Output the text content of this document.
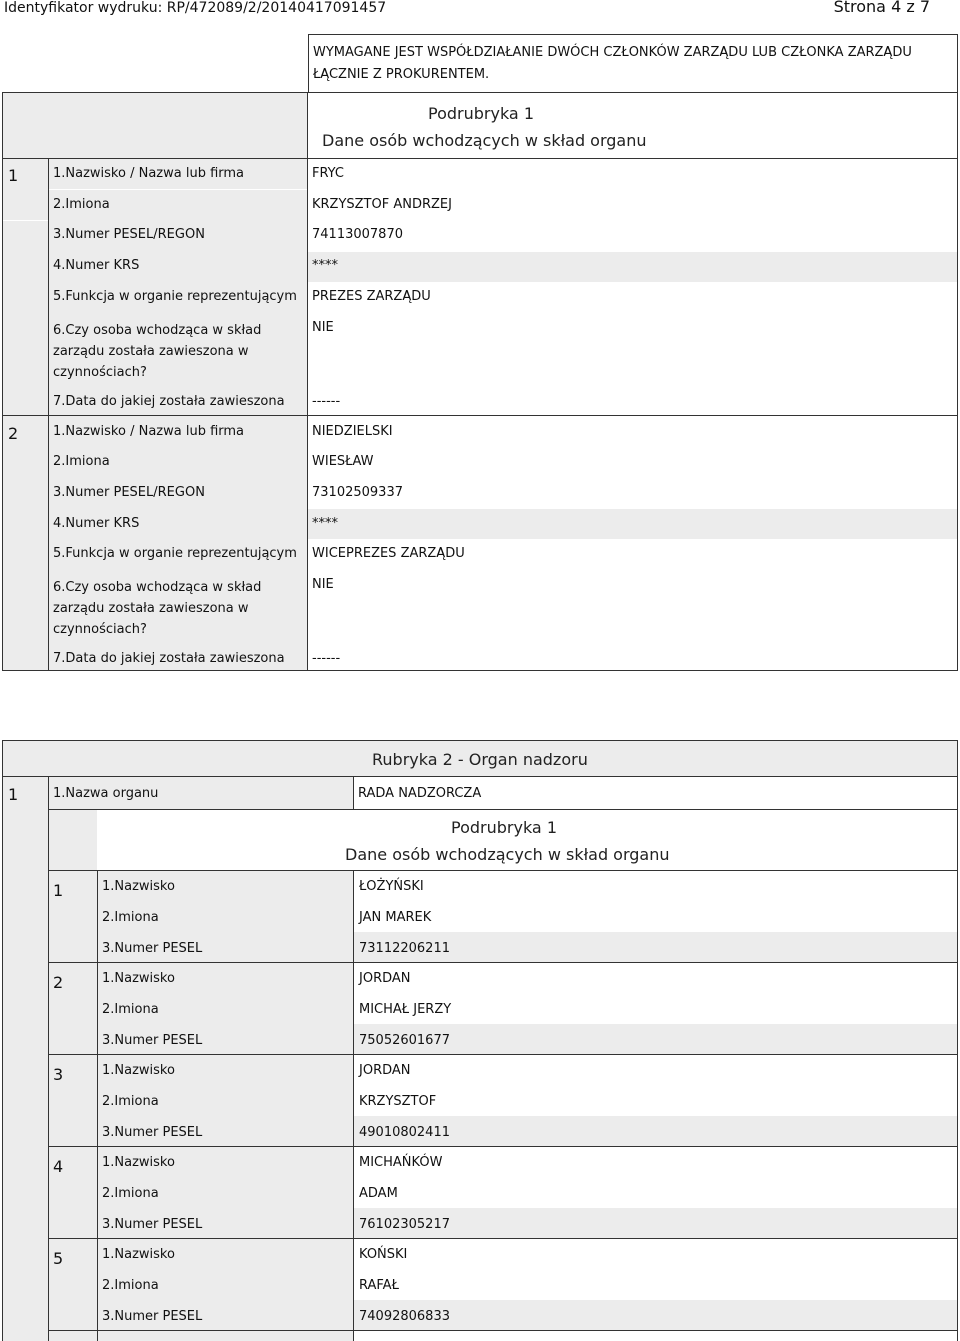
Identyfikator wydruku: RP/472089/2/20140417091457	Strona 4 z 7
WYMAGANE JEST WSPÓŁDZIAŁANIE DWÓCH CZŁONKÓW ZARZĄDU LUB CZŁONKA ZARZĄDU ŁĄCZNIE Z PROKURENTEM.
Podrubryka 1
Dane osób wchodzących w skład organu
1	1.Nazwisko / Nazwa lub firma	FRYC
2.Imiona	KRZYSZTOF ANDRZEJ
3.Numer PESEL/REGON	74113007870
4.Numer KRS	****
5.Funkcja w organie reprezentującym PREZES ZARZĄDU
6.Czy osoba wchodząca w skład zarządu została zawieszona w czynnościach?
NIE
7.Data do jakiej została zawieszona ------
2	1.Nazwisko / Nazwa lub firma	NIEDZIELSKI
2.Imiona	WIESŁAW
3.Numer PESEL/REGON	73102509337
4.Numer KRS	****
5.Funkcja w organie reprezentującym WICEPREZES ZARZĄDU
6.Czy osoba wchodząca w skład zarządu została zawieszona w czynnościach?
NIE
7.Data do jakiej została zawieszona ------
Rubryka 2 - Organ nadzoru
1	1.Nazwa organu	RADA NADZORCZA
Podrubryka 1
Dane osób wchodzących w skład organu
1	1.Nazwisko	ŁOŻYŃSKI
2.Imiona	JAN MAREK
3.Numer PESEL	73112206211
2	1.Nazwisko	JORDAN
2.Imiona	MICHAŁ JERZY
3.Numer PESEL	75052601677
3	1.Nazwisko	JORDAN
2.Imiona	KRZYSZTOF
3.Numer PESEL	49010802411
4	1.Nazwisko	MICHAŃKÓW
2.Imiona	ADAM
3.Numer PESEL	76102305217
5	1.Nazwisko	KOŃSKI
2.Imiona	RAFAŁ
3.Numer PESEL	74092806833
